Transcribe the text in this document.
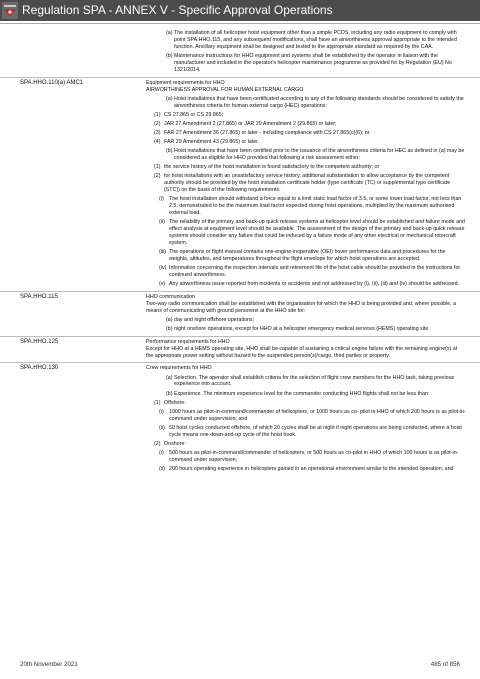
Regulation SPA - ANNEX V - Specific Approval Operations
(a) The installation of all helicopter hoist equipment other than a simple PCDS, including any radio equipment to comply with point SPA.HHO.115, and any subsequent modifications, shall have an airworthiness approval appropriate to the intended function. Ancillary equipment shall be designed and tested to the appropriate standard as required by the CAA.
(b) Maintenance instructions for HHO equipment and systems shall be established by the operator in liaison with the manufacturer and included in the operator's helicopter maintenance programme as provided for by Regulation (EU) No 1321/2014.
SPA.HHO.110(a) AMC1	Equipment requirements for HHO

AIRWORTHINESS APPROVAL FOR HUMAN EXTERNAL CARGO

(a) Hoist installations that have been certificated according to any of the following standards should be considered to satisfy the airworthiness criteria for human external cargo (HEC) operations:
(1) CS 27.865 or CS 29.865;
(2) JAR 27 Amendment 2 (27.865) or JAR 29 Amendment 2 (29.865) or later;
(3) FAR 27 Amendment 36 (27.865) or later - including compliance with CS 27.865(c)(6); or
(4) FAR 29 Amendment 43 (29.865) or later.
(b) Hoist installations that have been certified prior to the issuance of the airworthiness criteria for HEC as defined in (a) may be considered as eligible for HHO provided that following a risk assessment either:
(1) the service history of the hoist installation is found satisfactory to the competent authority; or
(2) for hoist installations with an unsatisfactory service history, additional substantiation to allow acceptance by the competent authority should be provided by the hoist installation certificate holder (type certificate (TC) or supplemental type certificate (STC)) on the basis of the following requirements:
(i) The hoist installation should withstand a force equal to a limit static load factor of 3.5, or some lower load factor, not less than 2.5, demonstrated to be the maximum load factor expected during hoist operations, multiplied by the maximum authorised external load.
(ii) The reliability of the primary and back-up quick release systems at helicopter level should be established and failure mode and effect analysis at equipment level should be available. The assessment of the design of the primary and back-up quick release systems should consider any failure that could be induced by a failure mode of any other electrical or mechanical rotorcraft system.
(iii) The operations or flight manual contains one-engine-inoperative (OEI) hover performance data and procedures for the weights, altitudes, and temperatures throughout the flight envelope for which hoist operations are accepted.
(iv) Information concerning the inspection intervals and retirement life of the hoist cable should be provided in the instructions for continued airworthiness.
(v) Any airworthiness issue reported from incidents or accidents and not addressed by (i), (ii), (iii) and (iv) should be addressed.
SPA.HHO.115	HHO communication

Two-way radio communication shall be established with the organisation for which the HHO is being provided and, where possible, a means of communicating with ground personnel at the HHO site for:

(a) day and night offshore operations;
(b) night onshore operations, except for HHO at a helicopter emergency medical services (HEMS) operating site.
SPA.HHO.125	Performance requirements for HHO

Except for HHO at a HEMS operating site, HHO shall be capable of sustaining a critical engine failure with the remaining engine(s) at the appropriate power setting without hazard to the suspended person(s)/cargo, third parties or property.

SPA.HHO.130	Crew requirements for HHO

(a) Selection. The operator shall establish criteria for the selection of flight crew members for the HHO task, taking previous experience into account.
(b) Experience. The minimum experience level for the commander conducting HHO flights shall not be less than:
(1) Offshore:
(i) 1000 hours as pilot-in-command/commander of helicopters, or 1000 hours as co- pilot in HHO of which 200 hours is as pilot-in-command under supervision; and
(ii) 50 hoist cycles conducted offshore, of which 20 cycles shall be at night if night operations are being conducted, where a hoist cycle means one down-and-up cycle of the hoist hook.
(2) Onshore:
(i) 500 hours as pilot-in-command/commander of helicopters, or 500 hours as co-pilot in HHO of which 100 hours is as pilot-in-command under supervision;
(ii) 200 hours operating experience in helicopters gained in an operational environment similar to the intended operation; and
20th November 2021	485 of 856
